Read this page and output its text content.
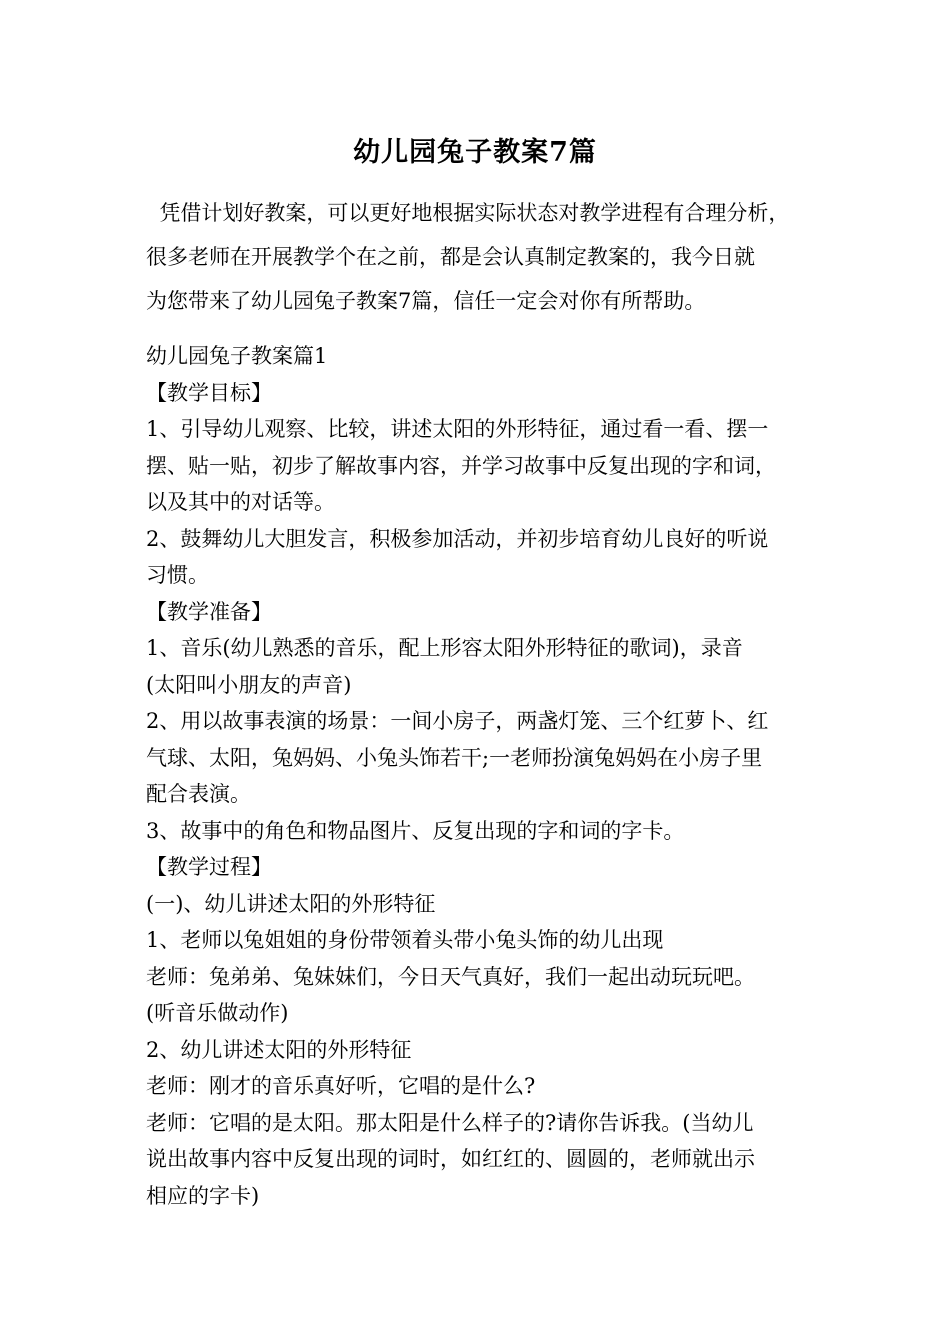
幼儿园兔子教案7篇

凭借计划好教案，可以更好地根据实际状态对教学进程有合理分析，

很多老师在开展教学个在之前，都是会认真制定教案的，我今日就

为您带来了幼儿园兔子教案7篇，信任一定会对你有所帮助。

幼儿园兔子教案篇1

【教学目标】

1、引导幼儿观察、比较，讲述太阳的外形特征，通过看一看、摆一

摆、贴一贴，初步了解故事内容，并学习故事中反复出现的字和词，

以及其中的对话等。

2、鼓舞幼儿大胆发言，积极参加活动，并初步培育幼儿良好的听说

习惯。

【教学准备】

1、音乐(幼儿熟悉的音乐，配上形容太阳外形特征的歌词)，录音

(太阳叫小朋友的声音)

2、用以故事表演的场景：一间小房子，两盏灯笼、三个红萝卜、红

气球、太阳，兔妈妈、小兔头饰若干;一老师扮演兔妈妈在小房子里

配合表演。

3、故事中的角色和物品图片、反复出现的字和词的字卡。

【教学过程】

(一)、幼儿讲述太阳的外形特征

1、老师以兔姐姐的身份带领着头带小兔头饰的幼儿出现

老师：兔弟弟、兔妹妹们，今日天气真好，我们一起出动玩玩吧。

(听音乐做动作)

2、幼儿讲述太阳的外形特征

老师：刚才的音乐真好听，它唱的是什么?

老师：它唱的是太阳。那太阳是什么样子的?请你告诉我。(当幼儿

说出故事内容中反复出现的词时，如红红的、圆圆的，老师就出示

相应的字卡)
